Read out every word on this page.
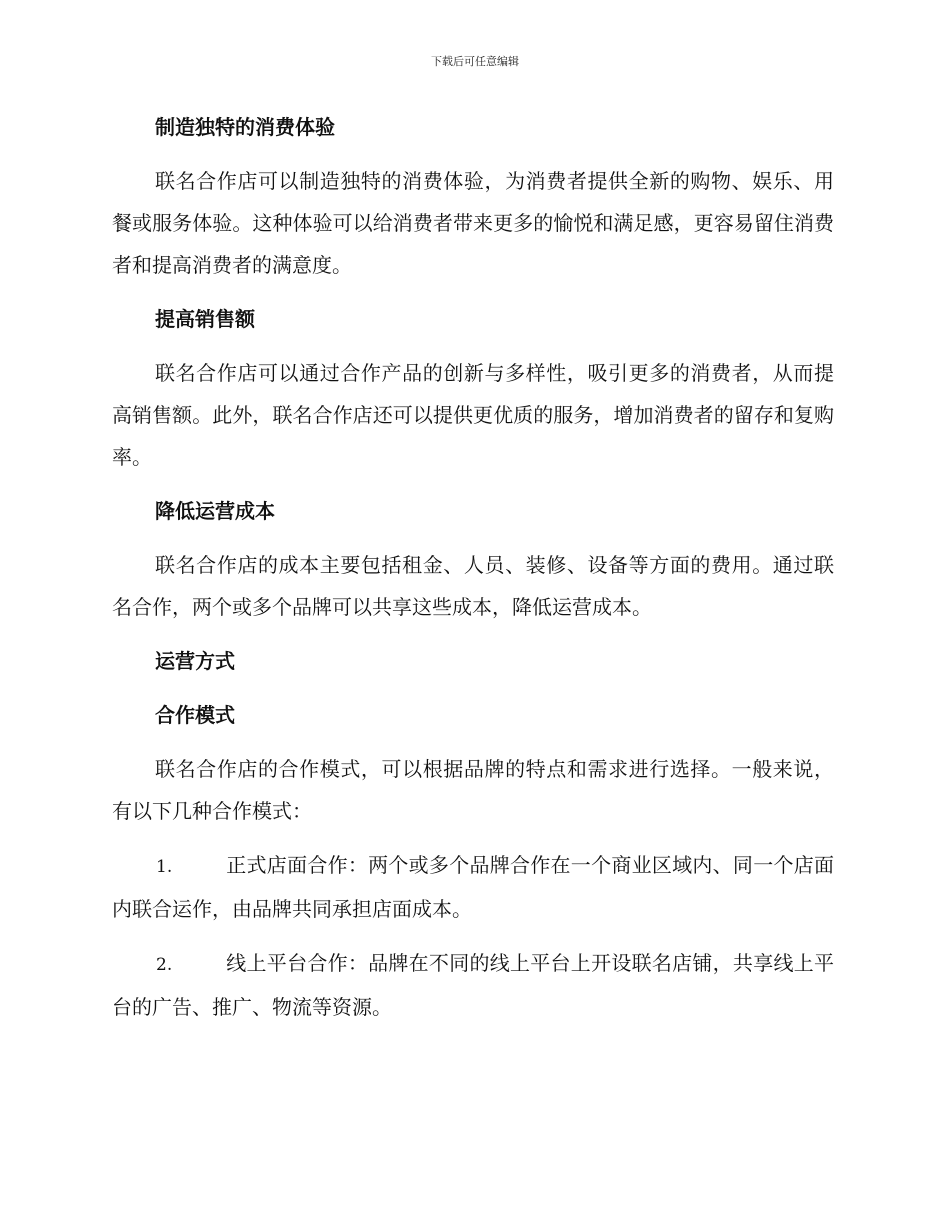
下载后可任意编辑
制造独特的消费体验
联名合作店可以制造独特的消费体验，为消费者提供全新的购物、娱乐、用餐或服务体验。这种体验可以给消费者带来更多的愉悦和满足感，更容易留住消费者和提高消费者的满意度。
提高销售额
联名合作店可以通过合作产品的创新与多样性，吸引更多的消费者，从而提高销售额。此外，联名合作店还可以提供更优质的服务，增加消费者的留存和复购率。
降低运营成本
联名合作店的成本主要包括租金、人员、装修、设备等方面的费用。通过联名合作，两个或多个品牌可以共享这些成本，降低运营成本。
运营方式
合作模式
联名合作店的合作模式，可以根据品牌的特点和需求进行选择。一般来说，有以下几种合作模式：
1.	正式店面合作：两个或多个品牌合作在一个商业区域内、同一个店面内联合运作，由品牌共同承担店面成本。
2.	线上平台合作：品牌在不同的线上平台上开设联名店铺，共享线上平台的广告、推广、物流等资源。
